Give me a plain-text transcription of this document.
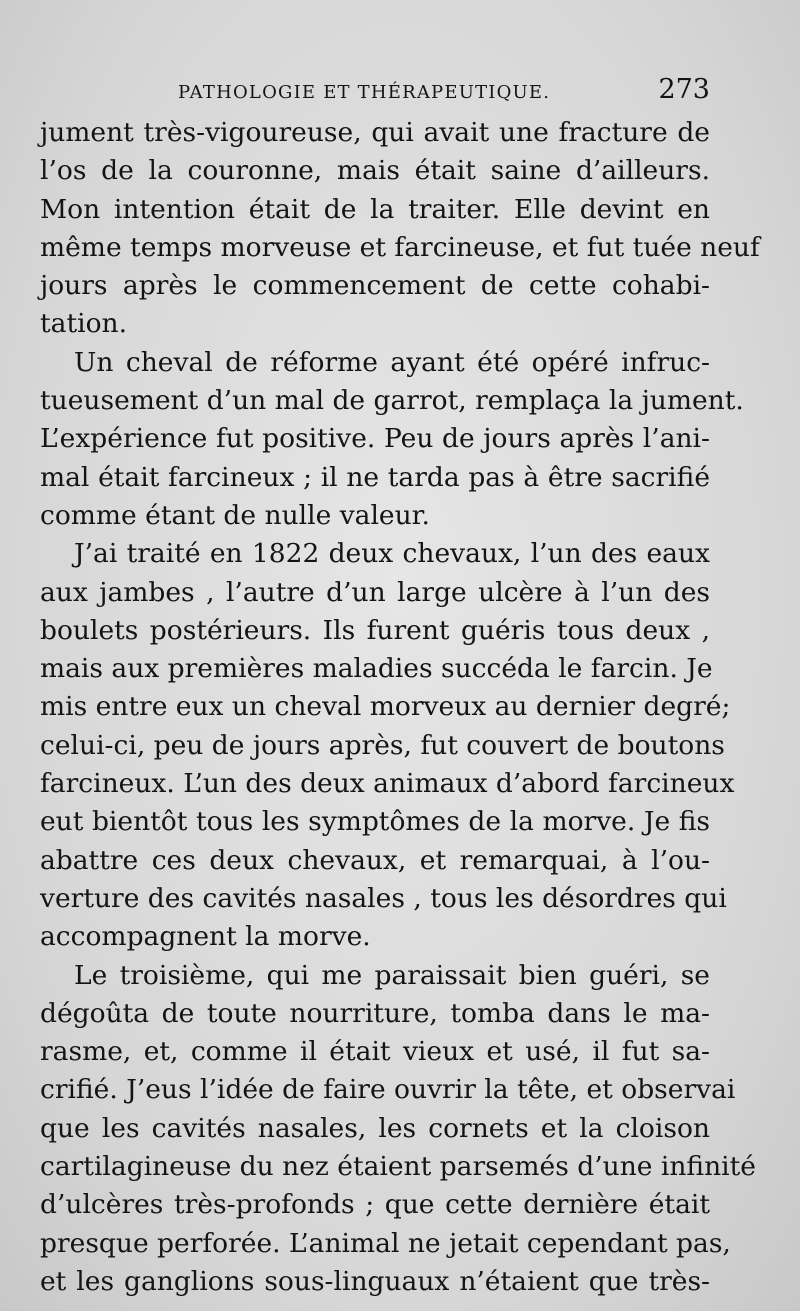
PATHOLOGIE ET THÉRAPEUTIQUE.	273
jument très-vigoureuse, qui avait une fracture de
l’os de la couronne, mais était saine d’ailleurs.
Mon intention était de la traiter. Elle devint en
même temps morveuse et farcineuse, et fut tuée neuf
jours après le commencement de cette cohabi-
tation.
Un cheval de réforme ayant été opéré infruc-
tueusement d’un mal de garrot, remplaça la jument.
L’expérience fut positive. Peu de jours après l’ani-
mal était farcineux ; il ne tarda pas à être sacrifié
comme étant de nulle valeur.
J’ai traité en 1822 deux chevaux, l’un des eaux
aux jambes , l’autre d’un large ulcère à l’un des
boulets postérieurs. Ils furent guéris tous deux ,
mais aux premières maladies succéda le farcin. Je
mis entre eux un cheval morveux au dernier degré;
celui-ci, peu de jours après, fut couvert de boutons
farcineux. L’un des deux animaux d’abord farcineux
eut bientôt tous les symptômes de la morve. Je fis
abattre ces deux chevaux, et remarquai, à l’ou-
verture des cavités nasales , tous les désordres qui
accompagnent la morve.
Le troisième, qui me paraissait bien guéri, se
dégoûta de toute nourriture, tomba dans le ma-
rasme, et, comme il était vieux et usé, il fut sa-
crifié. J’eus l’idée de faire ouvrir la tête, et observai
que les cavités nasales, les cornets et la cloison
cartilagineuse du nez étaient parsemés d’une infinité
d’ulcères très-profonds ; que cette dernière était
presque perforée. L’animal ne jetait cependant pas,
et les ganglions sous-linguaux n’étaient que très-
